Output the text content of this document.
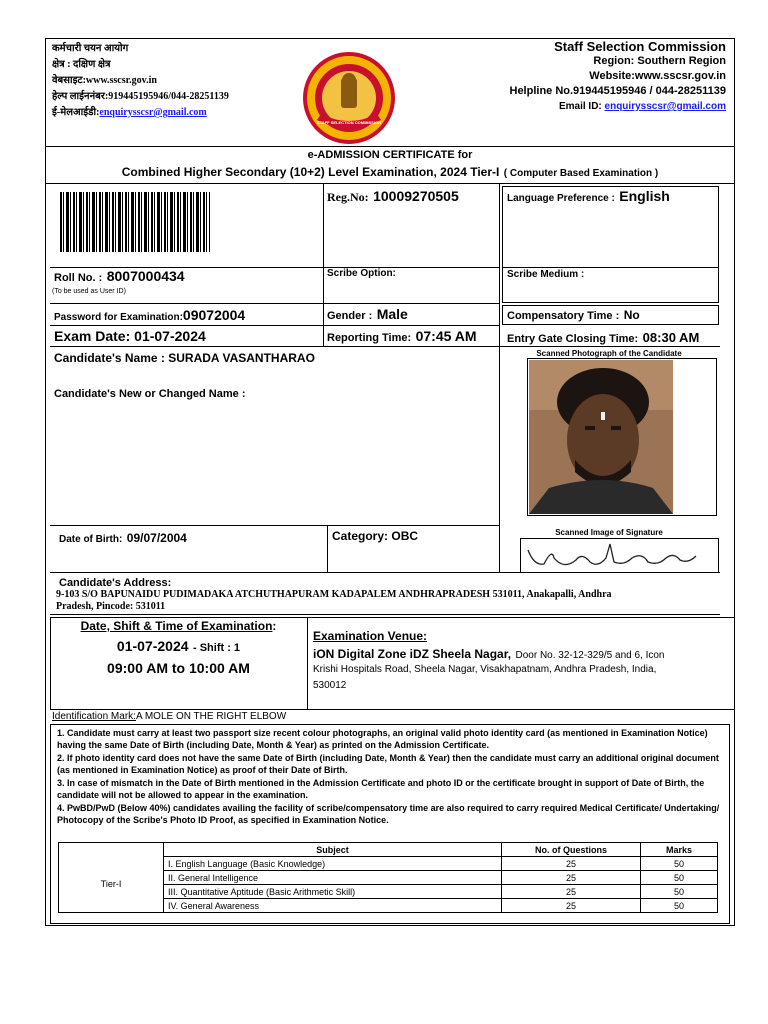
कर्मचारी चयन आयोग
क्षेत्र : दक्षिण क्षेत्र
वेबसाइट:www.sscsr.gov.in
हेल्प लाईननंबर:919445195946/044-28251139
ई-मेलआईडी:enquirysscsr@gmail.com
STAFF SELECTION COMMISSION
Staff Selection Commission
Region: Southern Region
Website:www.sscsr.gov.in
Helpline No.919445195946 / 044-28251139
Email ID: enquirysscsr@gmail.com
e-ADMISSION CERTIFICATE for
Combined Higher Secondary (10+2) Level Examination, 2024 Tier-I ( Computer Based Examination )
Reg.No: 10009270505	Language Preference : English
Roll No. : 8007000434
(To be used as User ID)
Scribe Option:	Scribe Medium :
Password for Examination:09072004	Gender : Male	Compensatory Time : No
Exam Date: 01-07-2024	Reporting Time: 07:45 AM	Entry Gate Closing Time: 08:30 AM
Candidate's Name : SURADA VASANTHARAO
Candidate's New or Changed Name :
Scanned Photograph of the Candidate
Date of Birth: 09/07/2004	Category: OBC	Scanned Image of Signature
Candidate's Address:
9-103 S/O BAPUNAIDU PUDIMADAKA ATCHUTHAPURAM KADAPALEM ANDHRAPRADESH 531011, Anakapalli, Andhra
Pradesh, Pincode: 531011
Date, Shift & Time of Examination:
01-07-2024 - Shift : 1
09:00 AM to 10:00 AM
Examination Venue:
iON Digital Zone iDZ Sheela Nagar, Door No. 32-12-329/5 and 6, Icon
Krishi Hospitals Road, Sheela Nagar, Visakhapatnam, Andhra Pradesh, India,
530012
Identification Mark:A MOLE ON THE RIGHT ELBOW

1. Candidate must carry at least two passport size recent colour photographs, an original valid photo identity card (as mentioned in Examination Notice) having the same Date of Birth (including Date, Month & Year) as printed on the Admission Certificate.

2. If photo identity card does not have the same Date of Birth (including Date, Month & Year) then the candidate must carry an additional original document (as mentioned in Examination Notice) as proof of their Date of Birth.

3. In case of mismatch in the Date of Birth mentioned in the Admission Certificate and photo ID or the certificate brought in support of Date of Birth, the candidate will not be allowed to appear in the examination.

4. PwBD/PwD (Below 40%) candidates availing the facility of scribe/compensatory time are also required to carry required Medical Certificate/ Undertaking/ Photocopy of the Scribe's Photo ID Proof, as specified in Examination Notice.

	Subject	No. of Questions	Marks
Tier-I	I. English Language (Basic Knowledge)	25	50
	II. General Intelligence	25	50
	III. Quantitative Aptitude (Basic Arithmetic Skill)	25	50
	IV. General Awareness	25	50
